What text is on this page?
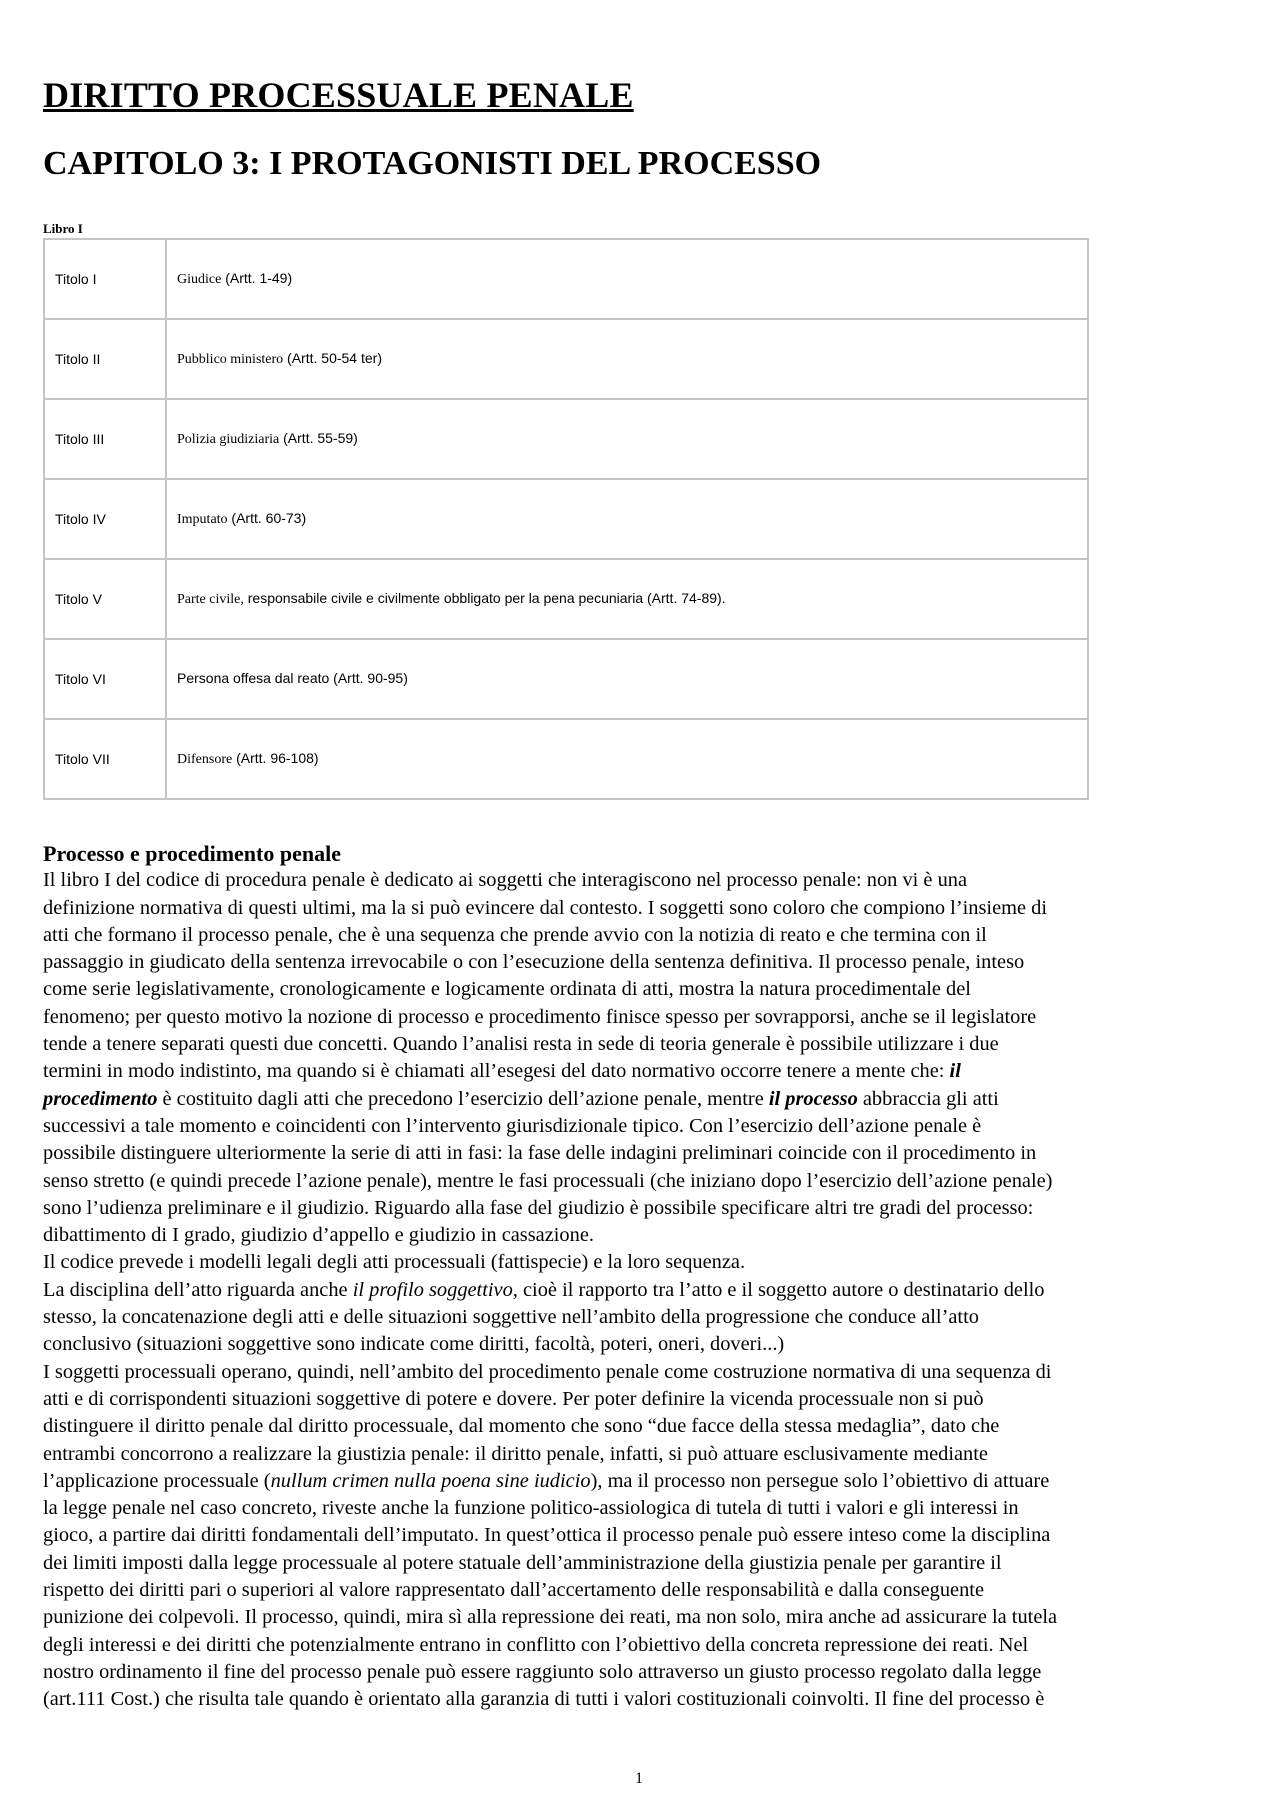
DIRITTO PROCESSUALE PENALE
CAPITOLO 3: I PROTAGONISTI DEL PROCESSO
Libro I
Titolo I	Giudice (Artt. 1-49)
Titolo II	Pubblico ministero (Artt. 50-54 ter)
Titolo III	Polizia giudiziaria (Artt. 55-59)
Titolo IV	Imputato (Artt. 60-73)
Titolo V	Parte civile, responsabile civile e civilmente obbligato per la pena pecuniaria (Artt. 74-89).
Titolo VI	Persona offesa dal reato (Artt. 90-95)
Titolo VII	Difensore (Artt. 96-108)
Processo e procedimento penale
Il libro I del codice di procedura penale è dedicato ai soggetti che interagiscono nel processo penale: non vi è una
definizione normativa di questi ultimi, ma la si può evincere dal contesto. I soggetti sono coloro che compiono l’insieme di
atti che formano il processo penale, che è una sequenza che prende avvio con la notizia di reato e che termina con il
passaggio in giudicato della sentenza irrevocabile o con l’esecuzione della sentenza definitiva. Il processo penale, inteso
come serie legislativamente, cronologicamente e logicamente ordinata di atti, mostra la natura procedimentale del
fenomeno; per questo motivo la nozione di processo e procedimento finisce spesso per sovrapporsi, anche se il legislatore
tende a tenere separati questi due concetti. Quando l’analisi resta in sede di teoria generale è possibile utilizzare i due
termini in modo indistinto, ma quando si è chiamati all’esegesi del dato normativo occorre tenere a mente che: il
procedimento è costituito dagli atti che precedono l’esercizio dell’azione penale, mentre il processo abbraccia gli atti
successivi a tale momento e coincidenti con l’intervento giurisdizionale tipico. Con l’esercizio dell’azione penale è
possibile distinguere ulteriormente la serie di atti in fasi: la fase delle indagini preliminari coincide con il procedimento in
senso stretto (e quindi precede l’azione penale), mentre le fasi processuali (che iniziano dopo l’esercizio dell’azione penale)
sono l’udienza preliminare e il giudizio. Riguardo alla fase del giudizio è possibile specificare altri tre gradi del processo:
dibattimento di I grado, giudizio d’appello e giudizio in cassazione.
Il codice prevede i modelli legali degli atti processuali (fattispecie) e la loro sequenza.
La disciplina dell’atto riguarda anche il profilo soggettivo, cioè il rapporto tra l’atto e il soggetto autore o destinatario dello
stesso, la concatenazione degli atti e delle situazioni soggettive nell’ambito della progressione che conduce all’atto
conclusivo (situazioni soggettive sono indicate come diritti, facoltà, poteri, oneri, doveri...)
I soggetti processuali operano, quindi, nell’ambito del procedimento penale come costruzione normativa di una sequenza di
atti e di corrispondenti situazioni soggettive di potere e dovere. Per poter definire la vicenda processuale non si può
distinguere il diritto penale dal diritto processuale, dal momento che sono “due facce della stessa medaglia”, dato che
entrambi concorrono a realizzare la giustizia penale: il diritto penale, infatti, si può attuare esclusivamente mediante
l’applicazione processuale (nullum crimen nulla poena sine iudicio), ma il processo non persegue solo l’obiettivo di attuare
la legge penale nel caso concreto, riveste anche la funzione politico-assiologica di tutela di tutti i valori e gli interessi in
gioco, a partire dai diritti fondamentali dell’imputato. In quest’ottica il processo penale può essere inteso come la disciplina
dei limiti imposti dalla legge processuale al potere statuale dell’amministrazione della giustizia penale per garantire il
rispetto dei diritti pari o superiori al valore rappresentato dall’accertamento delle responsabilità e dalla conseguente
punizione dei colpevoli. Il processo, quindi, mira sì alla repressione dei reati, ma non solo, mira anche ad assicurare la tutela
degli interessi e dei diritti che potenzialmente entrano in conflitto con l’obiettivo della concreta repressione dei reati. Nel
nostro ordinamento il fine del processo penale può essere raggiunto solo attraverso un giusto processo regolato dalla legge
(art.111 Cost.) che risulta tale quando è orientato alla garanzia di tutti i valori costituzionali coinvolti. Il fine del processo è
1
